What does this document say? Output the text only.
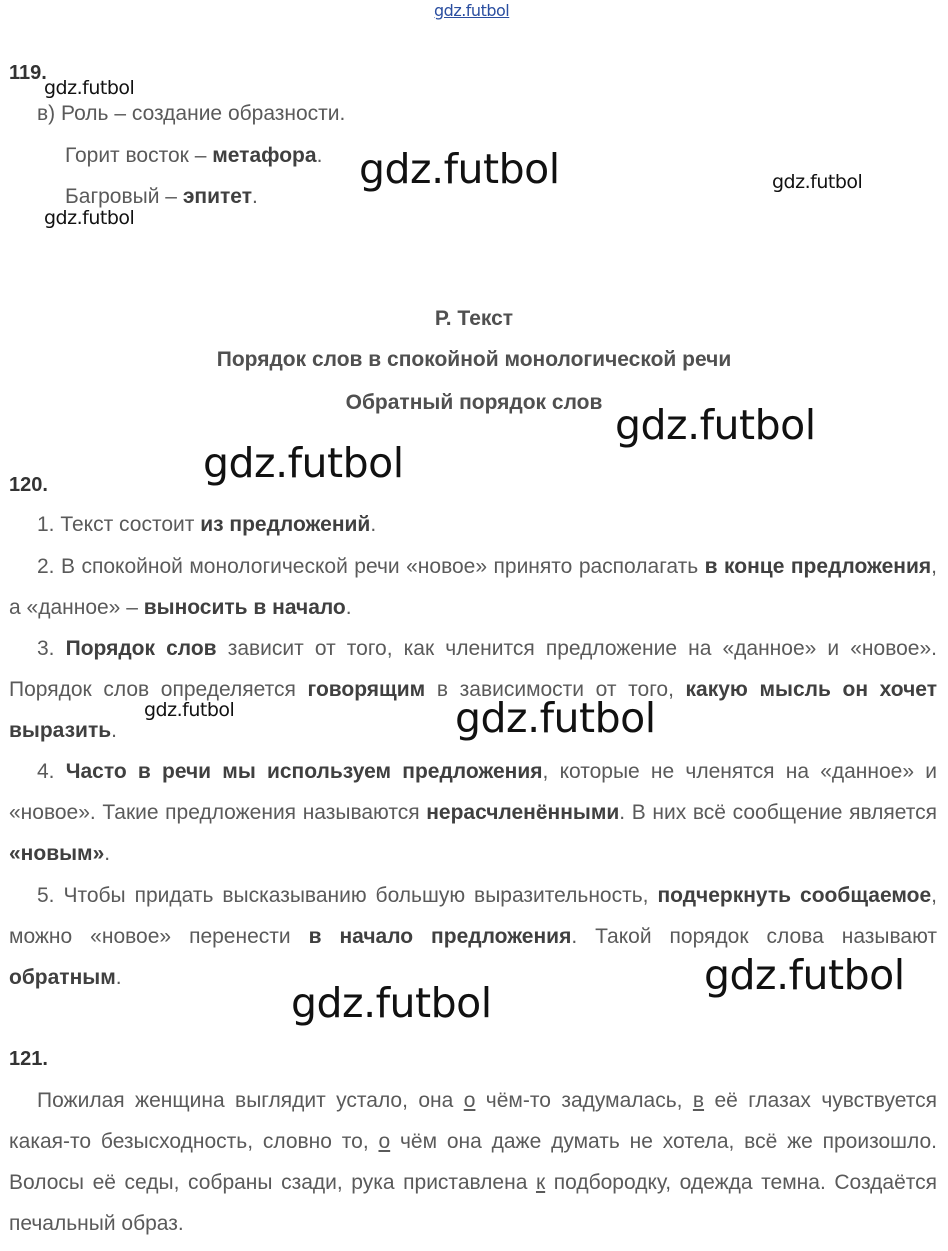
gdz.futbol
119.
в) Роль – создание образности.
Горит восток – метафора.
Багровый – эпитет.
Р. Текст
Порядок слов в спокойной монологической речи
Обратный порядок слов
120.

1. Текст состоит из предложений.

2. В спокойной монологической речи «новое» принято располагать в конце предложения, а «данное» – выносить в начало.

3. Порядок слов зависит от того, как членится предложение на «данное» и «новое». Порядок слов определяется говорящим в зависимости от того, какую мысль он хочет выразить.

4. Часто в речи мы используем предложения, которые не членятся на «данное» и «новое». Такие предложения называются нерасчленёнными. В них всё сообщение является «новым».

5. Чтобы придать высказыванию большую выразительность, подчеркнуть сообщаемое, можно «новое» перенести в начало предложения. Такой порядок слова называют обратным.

121.

Пожилая женщина выглядит устало, она о чём-то задумалась, в её глазах чувствуется какая-то безысходность, словно то, о чём она даже думать не хотела, всё же произошло. Волосы её седы, собраны сзади, рука приставлена к подбородку, одежда темна. Создаётся печальный образ.

gdz.futbol
gdz.futbol	gdz.futbol
gdz.futbol
gdz.futbol
gdz.futbol
gdz.futbol	gdz.futbol
gdz.futbol
gdz.futbol
